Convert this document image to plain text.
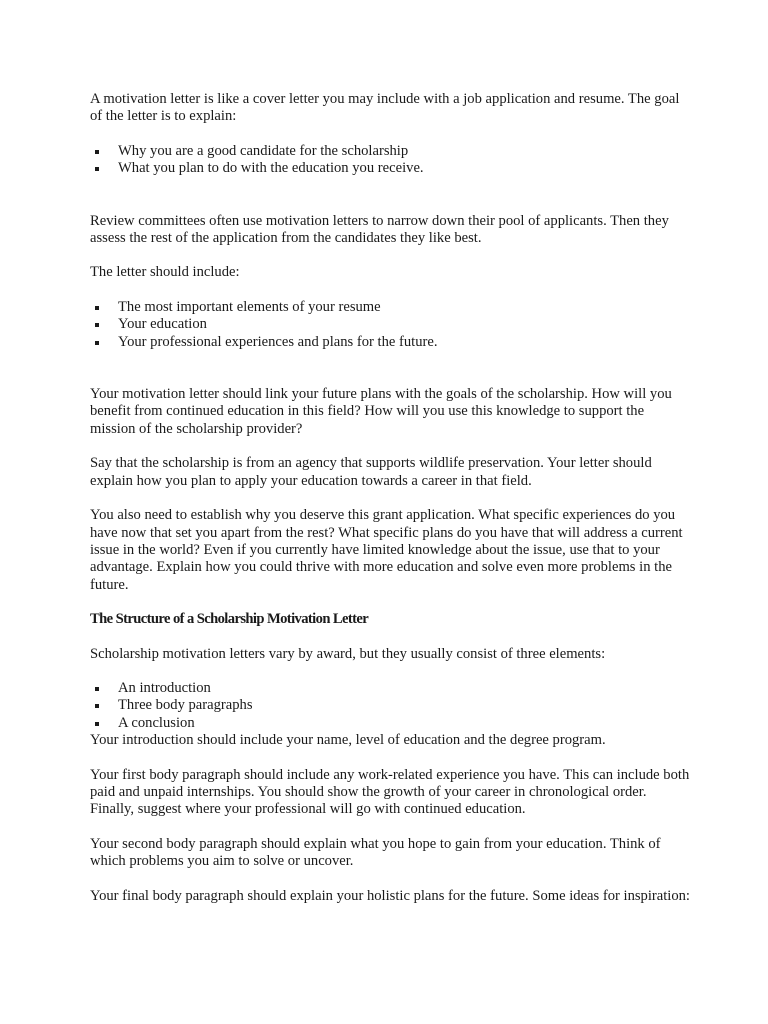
A motivation letter is like a cover letter you may include with a job application and resume. The goal of the letter is to explain:

Why you are a good candidate for the scholarship
What you plan to do with the education you receive.

Review committees often use motivation letters to narrow down their pool of applicants. Then they assess the rest of the application from the candidates they like best.

The letter should include:

The most important elements of your resume
Your education
Your professional experiences and plans for the future.

Your motivation letter should link your future plans with the goals of the scholarship. How will you benefit from continued education in this field? How will you use this knowledge to support the mission of the scholarship provider?

Say that the scholarship is from an agency that supports wildlife preservation. Your letter should explain how you plan to apply your education towards a career in that field.

You also need to establish why you deserve this grant application. What specific experiences do you have now that set you apart from the rest? What specific plans do you have that will address a current issue in the world? Even if you currently have limited knowledge about the issue, use that to your advantage. Explain how you could thrive with more education and solve even more problems in the future.

The Structure of a Scholarship Motivation Letter

Scholarship motivation letters vary by award, but they usually consist of three elements:

An introduction
Three body paragraphs
A conclusion

Your introduction should include your name, level of education and the degree program.

Your first body paragraph should include any work-related experience you have. This can include both paid and unpaid internships. You should show the growth of your career in chronological order. Finally, suggest where your professional will go with continued education.

Your second body paragraph should explain what you hope to gain from your education. Think of which problems you aim to solve or uncover.

Your final body paragraph should explain your holistic plans for the future. Some ideas for inspiration:
